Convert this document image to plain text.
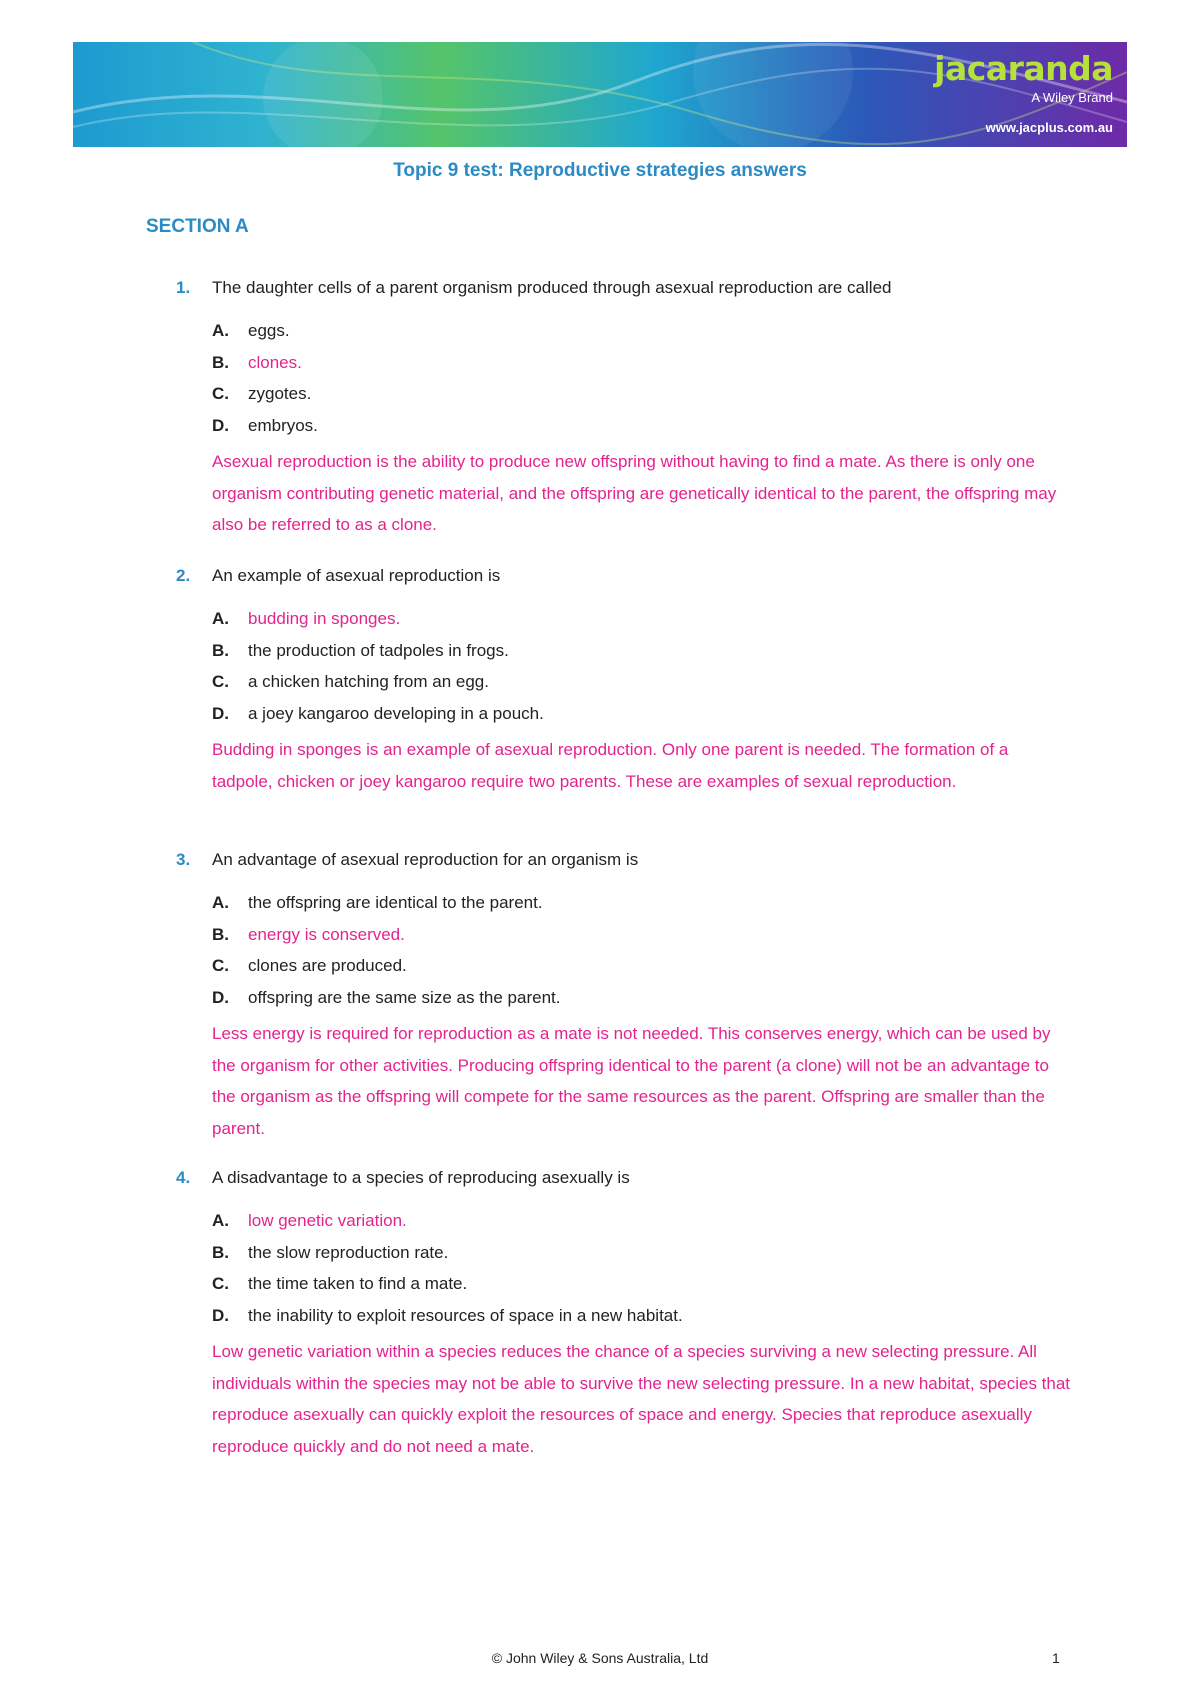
jacaranda
A Wiley Brand
www.jacplus.com.au
Topic 9 test: Reproductive strategies answers
SECTION A
1. The daughter cells of a parent organism produced through asexual reproduction are called
A. eggs.
B. clones.
C. zygotes.
D. embryos.

Asexual reproduction is the ability to produce new offspring without having to find a mate. As there is only one organism contributing genetic material, and the offspring are genetically identical to the parent, the offspring may also be referred to as a clone.

2. An example of asexual reproduction is
A. budding in sponges.
B. the production of tadpoles in frogs.
C. a chicken hatching from an egg.
D. a joey kangaroo developing in a pouch.

Budding in sponges is an example of asexual reproduction. Only one parent is needed. The formation of a tadpole, chicken or joey kangaroo require two parents. These are examples of sexual reproduction.

3. An advantage of asexual reproduction for an organism is
A. the offspring are identical to the parent.
B. energy is conserved.
C. clones are produced.
D. offspring are the same size as the parent.

Less energy is required for reproduction as a mate is not needed. This conserves energy, which can be used by the organism for other activities. Producing offspring identical to the parent (a clone) will not be an advantage to the organism as the offspring will compete for the same resources as the parent. Offspring are smaller than the parent.

4. A disadvantage to a species of reproducing asexually is
A. low genetic variation.
B. the slow reproduction rate.
C. the time taken to find a mate.
D. the inability to exploit resources of space in a new habitat.

Low genetic variation within a species reduces the chance of a species surviving a new selecting pressure. All individuals within the species may not be able to survive the new selecting pressure. In a new habitat, species that reproduce asexually can quickly exploit the resources of space and energy. Species that reproduce asexually reproduce quickly and do not need a mate.

© John Wiley & Sons Australia, Ltd	1
